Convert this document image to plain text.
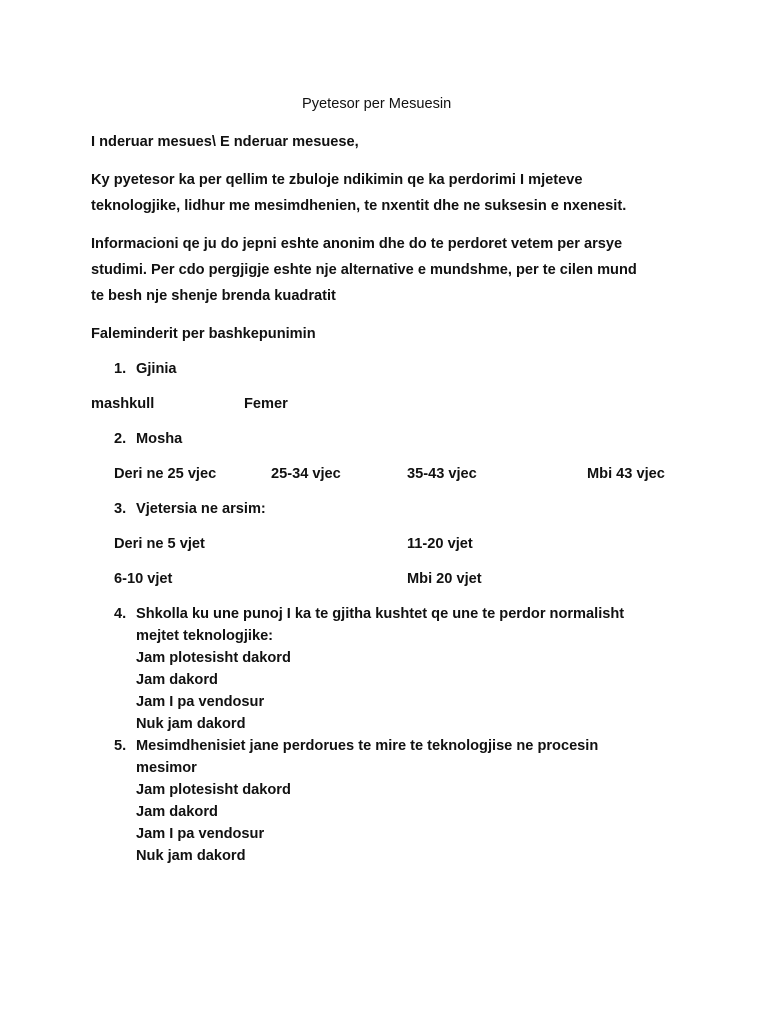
Pyetesor per Mesuesin
I nderuar mesues\ E nderuar mesuese,
Ky pyetesor ka per qellim te zbuloje ndikimin qe ka perdorimi I mjeteve
teknologjike, lidhur me mesimdhenien, te nxentit dhe ne suksesin e nxenesit.
Informacioni qe ju do jepni eshte anonim dhe do te perdoret vetem per arsye
studimi. Per cdo pergjigje eshte nje alternative e mundshme, per te cilen mund
te besh nje shenje brenda kuadratit
Faleminderit per bashkepunimin
1. Gjinia
mashkull	Femer
2. Mosha
Deri ne 25 vjec	25-34 vjec	35-43 vjec	Mbi 43 vjec
3. Vjetersia ne arsim:
Deri ne 5 vjet	11-20 vjet
6-10 vjet	Mbi 20 vjet
4. Shkolla ku une punoj I ka te gjitha kushtet qe une te perdor normalisht
mejtet teknologjike:
Jam plotesisht dakord
Jam dakord
Jam I pa vendosur
Nuk jam dakord
5. Mesimdhenisiet jane perdorues te mire te teknologjise ne procesin
mesimor
Jam plotesisht dakord
Jam dakord
Jam I pa vendosur
Nuk jam dakord
